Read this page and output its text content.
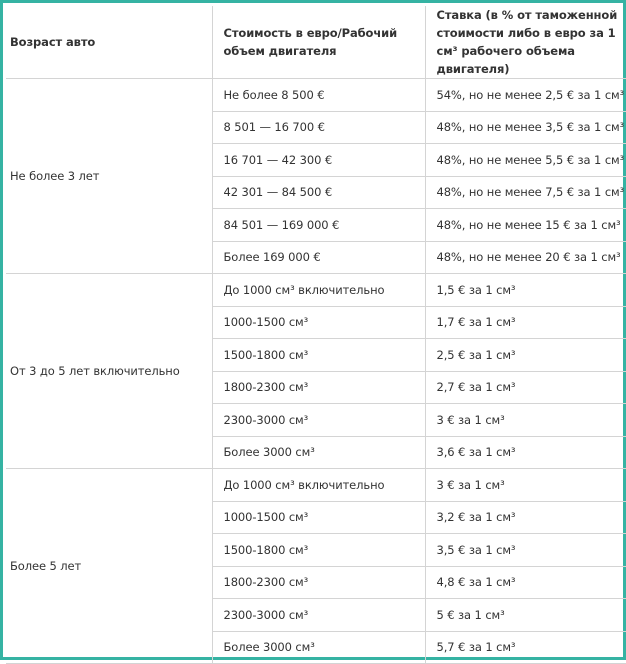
Возраст авто	Стоимость в евро/Рабочий объем двигателя	Ставка (в % от таможенной стоимости либо в евро за 1 см³ рабочего объема двигателя)
Не более 3 лет	Не более 8 500 €	54%, но не менее 2,5 € за 1 см³
	8 501 — 16 700 €	48%, но не менее 3,5 € за 1 см³
	16 701 — 42 300 €	48%, но не менее 5,5 € за 1 см³
	42 301 — 84 500 €	48%, но не менее 7,5 € за 1 см³
	84 501 — 169 000 €	48%, но не менее 15 € за 1 см³
	Более 169 000 €	48%, но не менее 20 € за 1 см³
От 3 до 5 лет включительно	До 1000 см³ включительно	1,5 € за 1 см³
	1000-1500 см³	1,7 € за 1 см³
	1500-1800 см³	2,5 € за 1 см³
	1800-2300 см³	2,7 € за 1 см³
	2300-3000 см³	3 € за 1 см³
	Более 3000 см³	3,6 € за 1 см³
Более 5 лет	До 1000 см³ включительно	3 € за 1 см³
	1000-1500 см³	3,2 € за 1 см³
	1500-1800 см³	3,5 € за 1 см³
	1800-2300 см³	4,8 € за 1 см³
	2300-3000 см³	5 € за 1 см³
	Более 3000 см³	5,7 € за 1 см³
